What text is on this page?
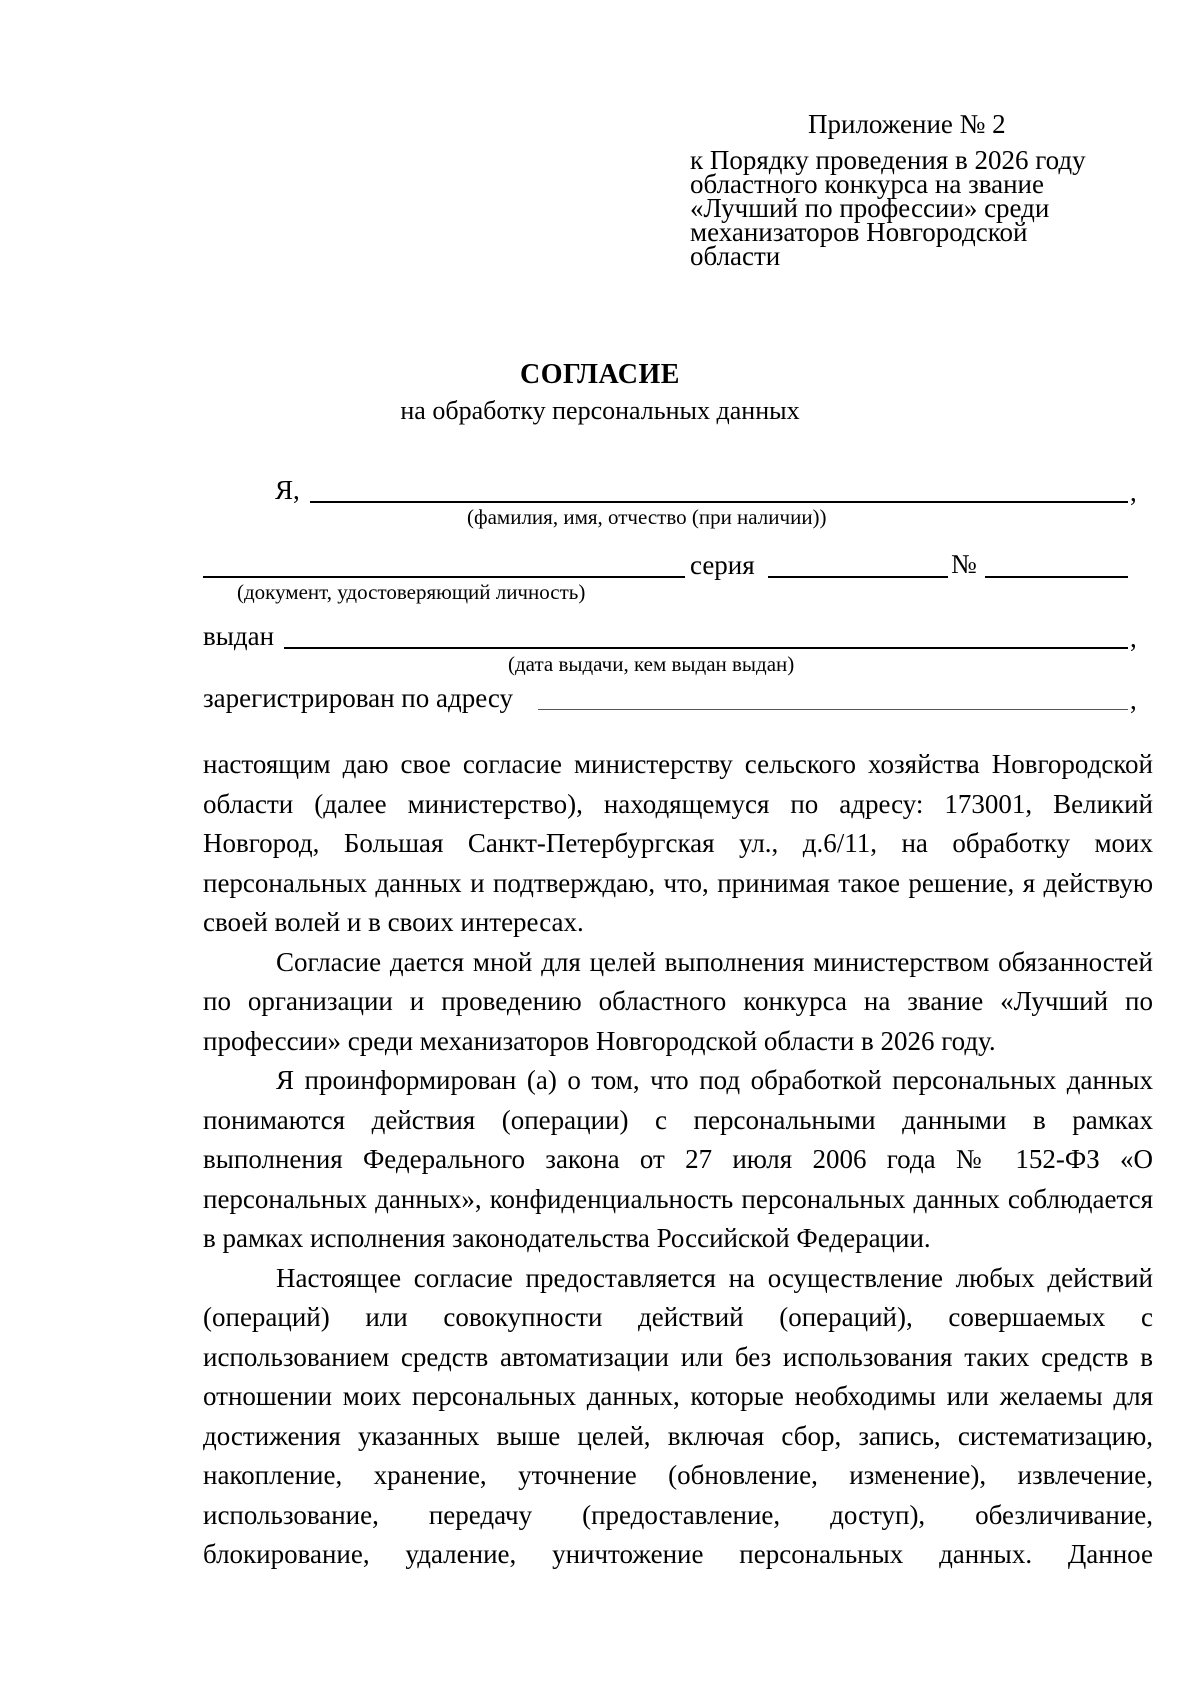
Приложение № 2
к Порядку проведения в 2026 году
областного конкурса на звание
«Лучший по профессии» среди
механизаторов Новгородской
области
СОГЛАСИЕ
на обработку персональных данных
Я,	,
(фамилия, имя, отчество (при наличии))
серия	№
(документ, удостоверяющий личность)
выдан	,
(дата выдачи, кем выдан выдан)
зарегистрирован по адресу	,

настоящим даю свое согласие министерству сельского хозяйства Новгородской области (далее министерство), находящемуся по адресу: 173001, Великий Новгород, Большая Санкт-Петербургская ул., д.6/11, на обработку моих персональных данных и подтверждаю, что, принимая такое решение, я действую своей волей и в своих интересах.

Согласие дается мной для целей выполнения министерством обязанностей по организации и проведению областного конкурса на звание «Лучший по профессии» среди механизаторов Новгородской области в 2026 году.

Я проинформирован (а) о том, что под обработкой персональных данных понимаются действия (операции) с персональными данными в рамках выполнения Федерального закона от 27 июля 2006 года № 152-ФЗ «О персональных данных», конфиденциальность персональных данных соблюдается в рамках исполнения законодательства Российской Федерации.

Настоящее согласие предоставляется на осуществление любых действий (операций) или совокупности действий (операций), совершаемых с использованием средств автоматизации или без использования таких средств в отношении моих персональных данных, которые необходимы или желаемы для достижения указанных выше целей, включая сбор, запись, систематизацию, накопление, хранение, уточнение (обновление, изменение), извлечение, использование, передачу (предоставление, доступ), обезличивание, блокирование, удаление, уничтожение персональных данных. Данное
